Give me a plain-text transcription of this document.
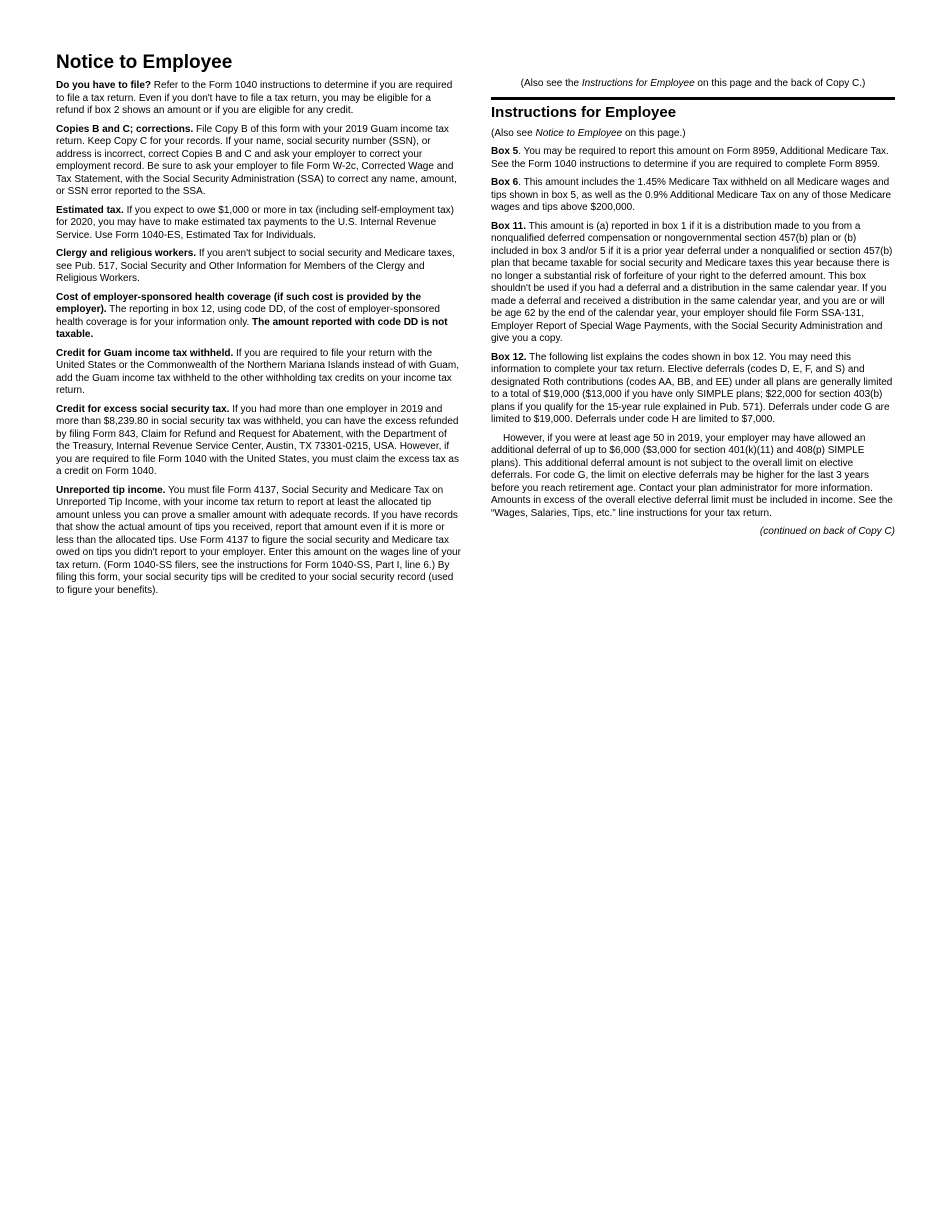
Notice to Employee

Do you have to file? Refer to the Form 1040 instructions to determine if you are required to file a tax return. Even if you don't have to file a tax return, you may be eligible for a refund if box 2 shows an amount or if you are eligible for any credit.

Copies B and C; corrections. File Copy B of this form with your 2019 Guam income tax return. Keep Copy C for your records. If your name, social security number (SSN), or address is incorrect, correct Copies B and C and ask your employer to correct your employment record. Be sure to ask your employer to file Form W-2c, Corrected Wage and Tax Statement, with the Social Security Administration (SSA) to correct any name, amount, or SSN error reported to the SSA.

Estimated tax. If you expect to owe $1,000 or more in tax (including self-employment tax) for 2020, you may have to make estimated tax payments to the U.S. Internal Revenue Service. Use Form 1040-ES, Estimated Tax for Individuals.

Clergy and religious workers. If you aren't subject to social security and Medicare taxes, see Pub. 517, Social Security and Other Information for Members of the Clergy and Religious Workers.

Cost of employer-sponsored health coverage (if such cost is provided by the employer). The reporting in box 12, using code DD, of the cost of employer-sponsored health coverage is for your information only. The amount reported with code DD is not taxable.

Credit for Guam income tax withheld. If you are required to file your return with the United States or the Commonwealth of the Northern Mariana Islands instead of with Guam, add the Guam income tax withheld to the other withholding tax credits on your income tax return.

Credit for excess social security tax. If you had more than one employer in 2019 and more than $8,239.80 in social security tax was withheld, you can have the excess refunded by filing Form 843, Claim for Refund and Request for Abatement, with the Department of the Treasury, Internal Revenue Service Center, Austin, TX 73301-0215, USA. However, if you are required to file Form 1040 with the United States, you must claim the excess tax as a credit on Form 1040.

Unreported tip income. You must file Form 4137, Social Security and Medicare Tax on Unreported Tip Income, with your income tax return to report at least the allocated tip amount unless you can prove a smaller amount with adequate records. If you have records that show the actual amount of tips you received, report that amount even if it is more or less than the allocated tips. Use Form 4137 to figure the social security and Medicare tax owed on tips you didn't report to your employer. Enter this amount on the wages line of your tax return. (Form 1040-SS filers, see the instructions for Form 1040-SS, Part I, line 6.) By filing this form, your social security tips will be credited to your social security record (used to figure your benefits).

(Also see the Instructions for Employee on this page and the back of Copy C.)

Instructions for Employee

(Also see Notice to Employee on this page.)

Box 5. You may be required to report this amount on Form 8959, Additional Medicare Tax. See the Form 1040 instructions to determine if you are required to complete Form 8959.

Box 6. This amount includes the 1.45% Medicare Tax withheld on all Medicare wages and tips shown in box 5, as well as the 0.9% Additional Medicare Tax on any of those Medicare wages and tips above $200,000.

Box 11. This amount is (a) reported in box 1 if it is a distribution made to you from a nonqualified deferred compensation or nongovernmental section 457(b) plan or (b) included in box 3 and/or 5 if it is a prior year deferral under a nonqualified or section 457(b) plan that became taxable for social security and Medicare taxes this year because there is no longer a substantial risk of forfeiture of your right to the deferred amount. This box shouldn't be used if you had a deferral and a distribution in the same calendar year. If you made a deferral and received a distribution in the same calendar year, and you are or will be age 62 by the end of the calendar year, your employer should file Form SSA-131, Employer Report of Special Wage Payments, with the Social Security Administration and give you a copy.

Box 12. The following list explains the codes shown in box 12. You may need this information to complete your tax return. Elective deferrals (codes D, E, F, and S) and designated Roth contributions (codes AA, BB, and EE) under all plans are generally limited to a total of $19,000 ($13,000 if you have only SIMPLE plans; $22,000 for section 403(b) plans if you qualify for the 15-year rule explained in Pub. 571). Deferrals under code G are limited to $19,000. Deferrals under code H are limited to $7,000.

However, if you were at least age 50 in 2019, your employer may have allowed an additional deferral of up to $6,000 ($3,000 for section 401(k)(11) and 408(p) SIMPLE plans). This additional deferral amount is not subject to the overall limit on elective deferrals. For code G, the limit on elective deferrals may be higher for the last 3 years before you reach retirement age. Contact your plan administrator for more information. Amounts in excess of the overall elective deferral limit must be included in income. See the “Wages, Salaries, Tips, etc.” line instructions for your tax return.

(continued on back of Copy C)
